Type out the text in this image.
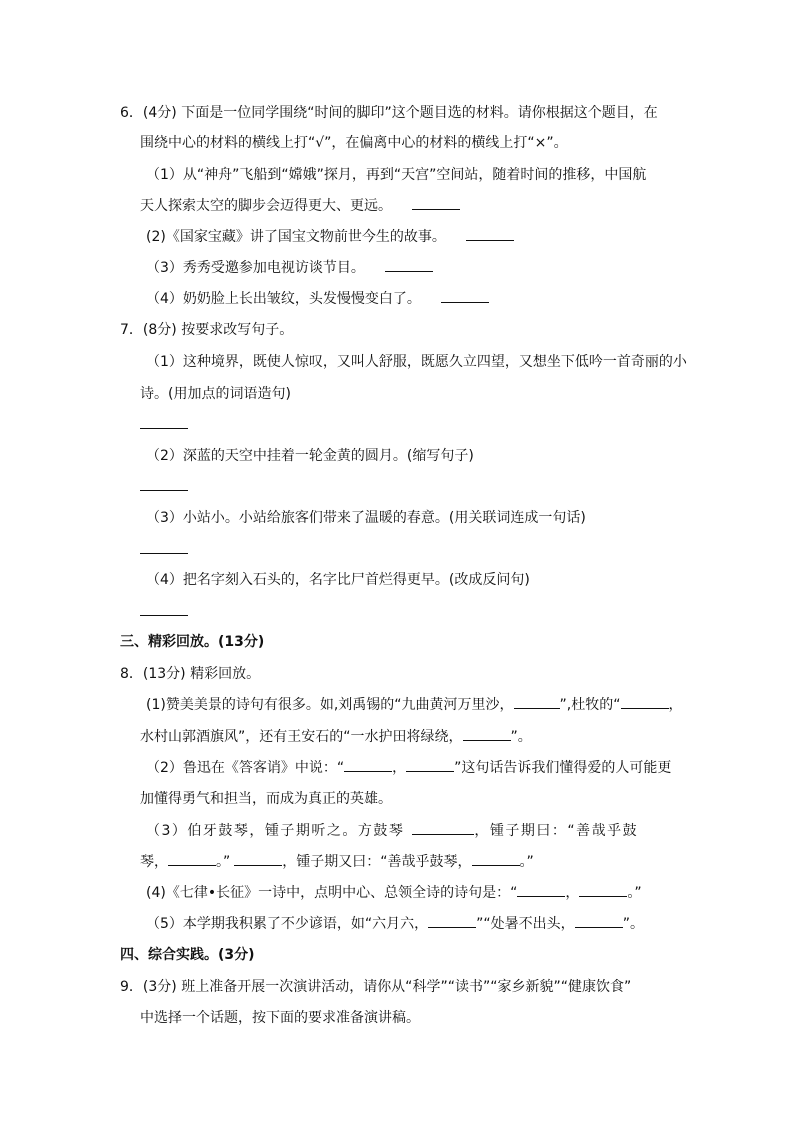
6．(4分) 下面是一位同学围绕“时间的脚印”这个题目选的材料。请你根据这个题目，在
围绕中心的材料的横线上打“√”，在偏离中心的材料的横线上打“×”。
（1）从“神舟”飞船到“嫦娥”探月，再到“天宫”空间站，随着时间的推移，中国航
天人探索太空的脚步会迈得更大、更远。
(2)《国家宝藏》讲了国宝文物前世今生的故事。
（3）秀秀受邀参加电视访谈节目。
（4）奶奶脸上长出皱纹，头发慢慢变白了。
7．(8分) 按要求改写句子。
（1）这种境界，既使人惊叹，又叫人舒服，既愿久立四望，又想坐下低吟一首奇丽的小
诗。(用加点的词语造句)
（2）深蓝的天空中挂着一轮金黄的圆月。(缩写句子)
（3）小站小。小站给旅客们带来了温暖的春意。(用关联词连成一句话)
（4）把名字刻入石头的，名字比尸首烂得更早。(改成反问句)
三、精彩回放。(13分)
8．(13分) 精彩回放。
(1)赞美美景的诗句有很多。如,刘禹锡的“九曲黄河万里沙，	”,杜牧的“	，
水村山郭酒旗风”，还有王安石的“一水护田将绿绕，	”。
（2）鲁迅在《答客诮》中说：“	，	”这句话告诉我们懂得爱的人可能更
加懂得勇气和担当，而成为真正的英雄。
（3）伯牙鼓琴，锺子期听之。方鼓琴	，锺子期曰：“善哉乎鼓
琴，	。”	，锺子期又曰：“善哉乎鼓琴，	。”
(4)《七律•长征》一诗中，点明中心、总领全诗的诗句是：“	，	。”
（5）本学期我积累了不少谚语，如“六月六，	”“处暑不出头，	”。
四、综合实践。(3分)
9．(3分) 班上准备开展一次演讲活动，请你从“科学”“读书”“家乡新貌”“健康饮食”
中选择一个话题，按下面的要求准备演讲稿。
